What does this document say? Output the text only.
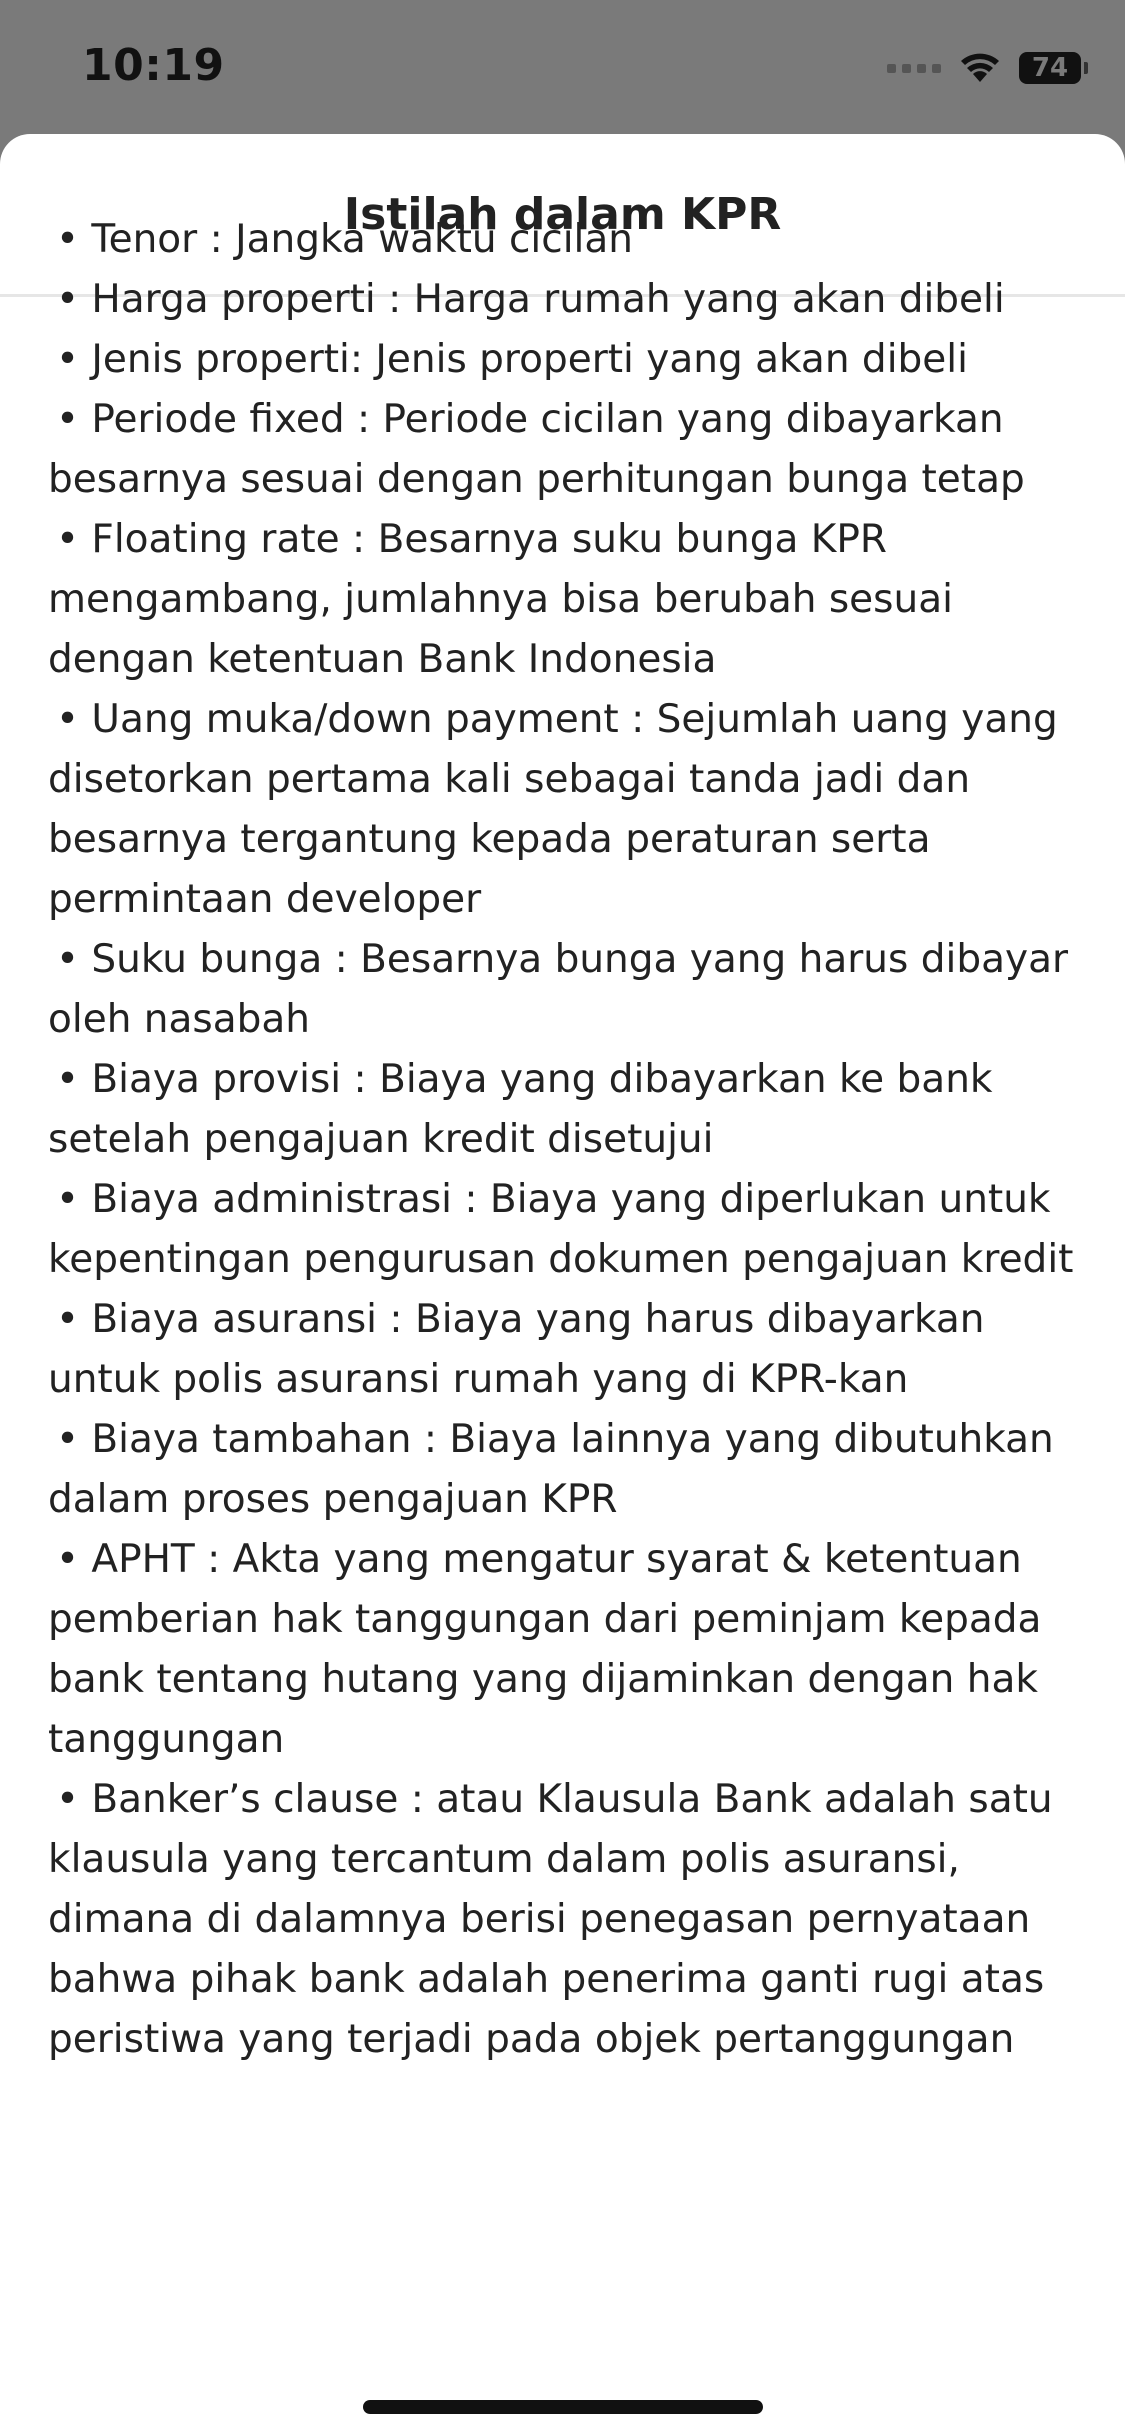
10:19	74
Istilah dalam KPR

• Tenor : Jangka waktu cicilan

• Harga properti : Harga rumah yang akan dibeli

• Jenis properti: Jenis properti yang akan dibeli

• Periode fixed : Periode cicilan yang dibayarkan besarnya sesuai dengan perhitungan bunga tetap

• Floating rate : Besarnya suku bunga KPR mengambang, jumlahnya bisa berubah sesuai dengan ketentuan Bank Indonesia

• Uang muka/down payment : Sejumlah uang yang disetorkan pertama kali sebagai tanda jadi dan besarnya tergantung kepada peraturan serta permintaan developer

• Suku bunga : Besarnya bunga yang harus dibayar oleh nasabah

• Biaya provisi : Biaya yang dibayarkan ke bank setelah pengajuan kredit disetujui

• Biaya administrasi : Biaya yang diperlukan untuk kepentingan pengurusan dokumen pengajuan kredit

• Biaya asuransi : Biaya yang harus dibayarkan untuk polis asuransi rumah yang di KPR-kan

• Biaya tambahan : Biaya lainnya yang dibutuhkan dalam proses pengajuan KPR

• APHT : Akta yang mengatur syarat & ketentuan pemberian hak tanggungan dari peminjam kepada bank tentang hutang yang dijaminkan dengan hak tanggungan

• Banker’s clause : atau Klausula Bank adalah satu klausula yang tercantum dalam polis asuransi, dimana di dalamnya berisi penegasan pernyataan bahwa pihak bank adalah penerima ganti rugi atas peristiwa yang terjadi pada objek pertanggungan
